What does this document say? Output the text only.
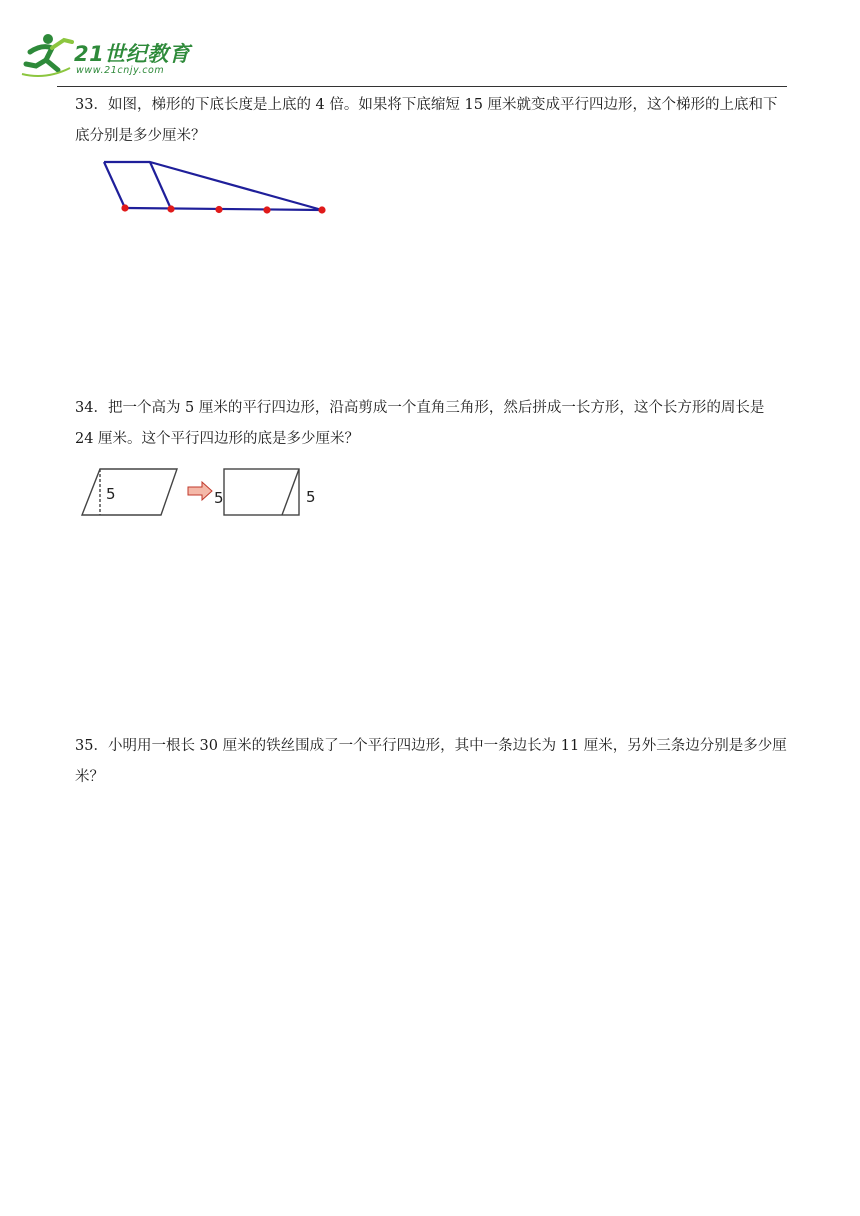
21世纪教育
www.21cnjy.com

33．如图，梯形的下底长度是上底的 4 倍。如果将下底缩短 15 厘米就变成平行四边形，这个梯形的上底和下底分别是多少厘米？

34．把一个高为 5 厘米的平行四边形，沿高剪成一个直角三角形，然后拼成一长方形，这个长方形的周长是 24 厘米。这个平行四边形的底是多少厘米？

5	5	5

35．小明用一根长 30 厘米的铁丝围成了一个平行四边形，其中一条边长为 11 厘米，另外三条边分别是多少厘米？
